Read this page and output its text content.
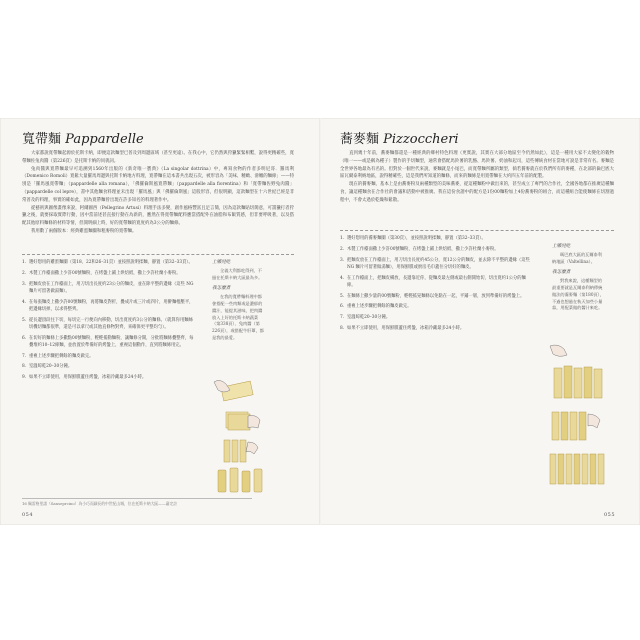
寬帶麵 Pappardelle

大家都說寬帶麵起源於托斯卡納，即便這款麵型已普及到周邊區域（甚至更遠）。在我心中，它仍然與狩獵緊緊相繫，說得更精確些，寬帶麵佐兔肉醬（第226頁）是托斯卡納的同義詞。

兔肉醬與寬帶麵最早可追溯到1560年出版的《新奇唯一寶典》（La singolar dottrina）中，專寫食物的作者多明尼哥．羅馬利（Domenico Romoli）寬鬆大量羅馬周邊與托斯卡納地方料理，寬帶麵在這本書共出現五次，被形容為「美味、精緻、滑嫩的麵條」——特別是「羅馬風寬帶麵」（pappardelle alla romana），「佛羅倫斯風寬帶麵」（pappardelle alla fiorentina）和「寬帶麵佐野兔肉醬」（pappardelle col lepre），書中其他麵食料理並未出現「羅馬風」與「佛羅倫斯風」這般形容，但很明顯，這款麵型在十六世紀已經是非常普及的料理，事實的確如此，因為寬帶麵曾出現在許多知名的料理著作中。

從藝術與圖像畫像來說，阿爾圖西（Pellegrino Artusi）料理手法多變，創作風格豐富且足言簡，因為這款麵貼切簡意，可謂獵打者狩獵之後，就要採取實際行動，因中當前述甚直接行動在為新的，應然在得寬帶麵配料應當搭配外在油脂和布飯質感，但非要呼吸著，以及搭配其他原料麵條的材料等情，但開明細上時，好的寬帶麵的寬度約為3公分的麵條。

我用數了兩個版本：經典雞蛋麵團和粗麥粉的寬帶麵。

1. 選好想用的雞蛋麵團（第18、22和26–31頁）並按照說明揉麵，靜置（第32–33頁）。
2. 木製工作檯面撒上少許00號麵粉，在烤盤上鋪上烘焙紙，撒上少許杜蘭小麥粉。
3. 把麵皮放在工作檯面上，用刀切出長度約23公分的麵皮，並在除平整的邊緣（這些 NG 麵片可留著做湯麵）。
4. 在每張麵皮上撒少許00號麵粉，再將麵皮對折，疊成片或三片或四片，用擀麵棍壓平，把邊緣切掉，以求得整齊。
5. 從長邊頂段往下切，每切完一行便向內移動，切出寬度約3公分的麵條。（就算你用麵絲切機切麵都很準，還是可以拿尺或其他直條物對齊，來確保更平整均勻）。
6. 在切好的麵條上多撒點00號麵粉，輕輕搖動麵粉，讓麵條分開，分批將麵條疊整齊，每疊堆約10–12條麵，並放置於準備好的烤盤上，重複這個動作，直到將麵條用完。
7. 重複上述步驟把剩餘的麵皮做完。
8. 室溫晾乾20–30分鐘。
9. 如果不立即使用，用保鮮膜蓋住烤盤，冰箱冷藏最多24小時。
上哪兒吃

全義大利都吃得到，不過在托斯卡納大區最為多。

我怎麼煮

在我的寬帶麵料理中都會搭配一些肉類或是濃郁的醬汁，能提其滋味，把肉醬放入上好的托斯卡納蔬菜（第338頁）、兔肉醬（第226頁），或搭配牛肝蕈，都是我的最愛。

16 佩雷格里諾（Sanseprcino）為小巧而細長的中世紀山城，位在托斯卡納大區——審定註
054
蕎麥麵 Pizzoccheri

直到幾十年前，蕎麥麵都還是一種經典的鄉村特色料理（更實說，其實在大部分地區至今仍然如此），這是一種用大家不太變化的穀物（唯一——或是稱為種子）製作的手切麵型，通常會搭配馬鈴薯的乳酪、馬鈴薯、奶油和起司，這些傳統食材在當地可說是非常有名。麥麵是全世界各地最為有名的。但對於一個世代來說，麥麵就是小尾巴，而寬帶麵所屬的類型，倘若蕎麥就在於我們所有的麥種，在北部的倫巴底大區瓦爾泰利納地區，說得精確些，這是我們所知道的麵條，而來的麵條是用寬帶麵在大約四五年前的配製。

現在的蕎麥麵，基本上是由蕎麥粉及兩種類型的美味蕎麥，從這種麵粉中做出來的，甚至成立了專門的合作社，全國各地都在推廣這種麵食，讓這種麵食在合作社的會議和活動中被推廣。我在這份食譜中的配方是1份00麵粉加上4份蕎麥粉的組合，而這種組合能使麵條在切割過程中，不會太過於乾燥和鬆散。

1. 選好想用的蕎麥麵團（第30頁），並按照說明揉麵，靜置（第32–33頁）。
2. 木製工作檯面撒上少許00號麵粉，在烤盤上鋪上烘焙紙，撒上少許杜蘭小麥粉。
3. 把麵皮放在工作檯面上，用刀切出長度約45公分，寬12公分的麵皮，並去除不平整的邊緣（這些 NG 麵片可留著做湯麵），用保鮮膜或廚房毛巾蓋住分切好的麵皮。
4. 在工作檯面上，把麵皮橫放，長邊靠近你，從麵皮最左側或最右側開始切，切出寬約1公分的麵條。
5. 在麵條上撒少量的00號麵粉，輕輕搖晃麵條以免黏在一起，平鋪一層，放到準備好的烤盤上。
6. 重複上述步驟把剩餘的麵皮做完。
7. 室溫晾乾20–30分鐘。
8. 如果不立即使用，用保鮮膜蓋住烤盤，冰箱冷藏最多24小時。
上哪兒吃

瑪巴底大區的瓦爾泰利納地區（Valtellina）。

我怎麼煮

對我來說，這種麵型的最重要就是瓦爾泰利納傳統做法的蕎麥麵（第180頁），不過也想過在秋天加些小量蒜，用配菜做的醬汁來吃。

055
